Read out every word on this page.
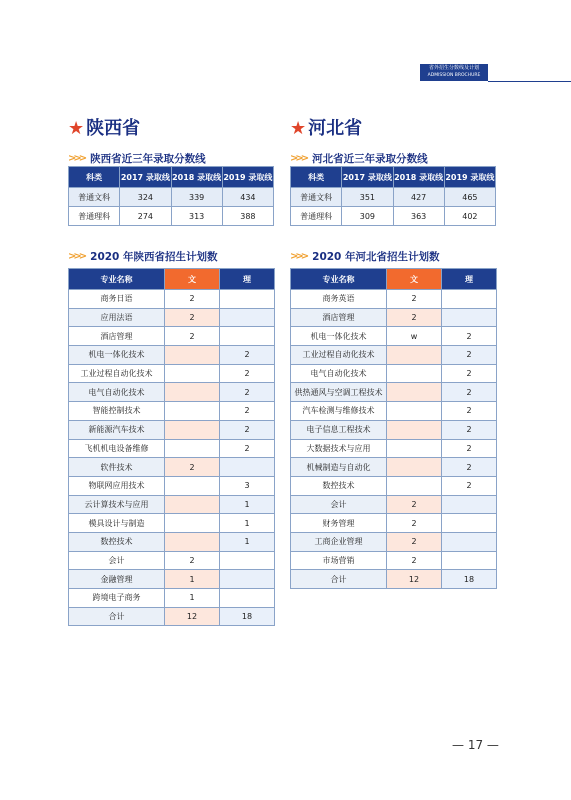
省外招生分数线及计划
ADMISSION BROCHURE
★ 陕西省
>>> 陕西省近三年录取分数线
科类	2017 录取线	2018 录取线	2019 录取线
普通文科	324	339	434
普通理科	274	313	388
>>> 2020 年陕西省招生计划数
专业名称	文	理
商务日语	2	
应用法语	2	
酒店管理	2	
机电一体化技术		2
工业过程自动化技术		2
电气自动化技术		2
智能控制技术		2
新能源汽车技术		2
飞机机电设备维修		2
软件技术	2	
物联网应用技术		3
云计算技术与应用		1
模具设计与制造		1
数控技术		1
会计	2	
金融管理	1	
跨境电子商务	1	
合计	12	18
★ 河北省
>>> 河北省近三年录取分数线
科类	2017 录取线	2018 录取线	2019 录取线
普通文科	351	427	465
普通理科	309	363	402
>>> 2020 年河北省招生计划数
专业名称	文	理
商务英语	2	
酒店管理	2	
机电一体化技术	w	2
工业过程自动化技术		2
电气自动化技术		2
供热通风与空调工程技术		2
汽车检测与维修技术		2
电子信息工程技术		2
大数据技术与应用		2
机械制造与自动化		2
数控技术		2
会计	2	
财务管理	2	
工商企业管理	2	
市场营销	2	
合计	12	18
— 17 —
